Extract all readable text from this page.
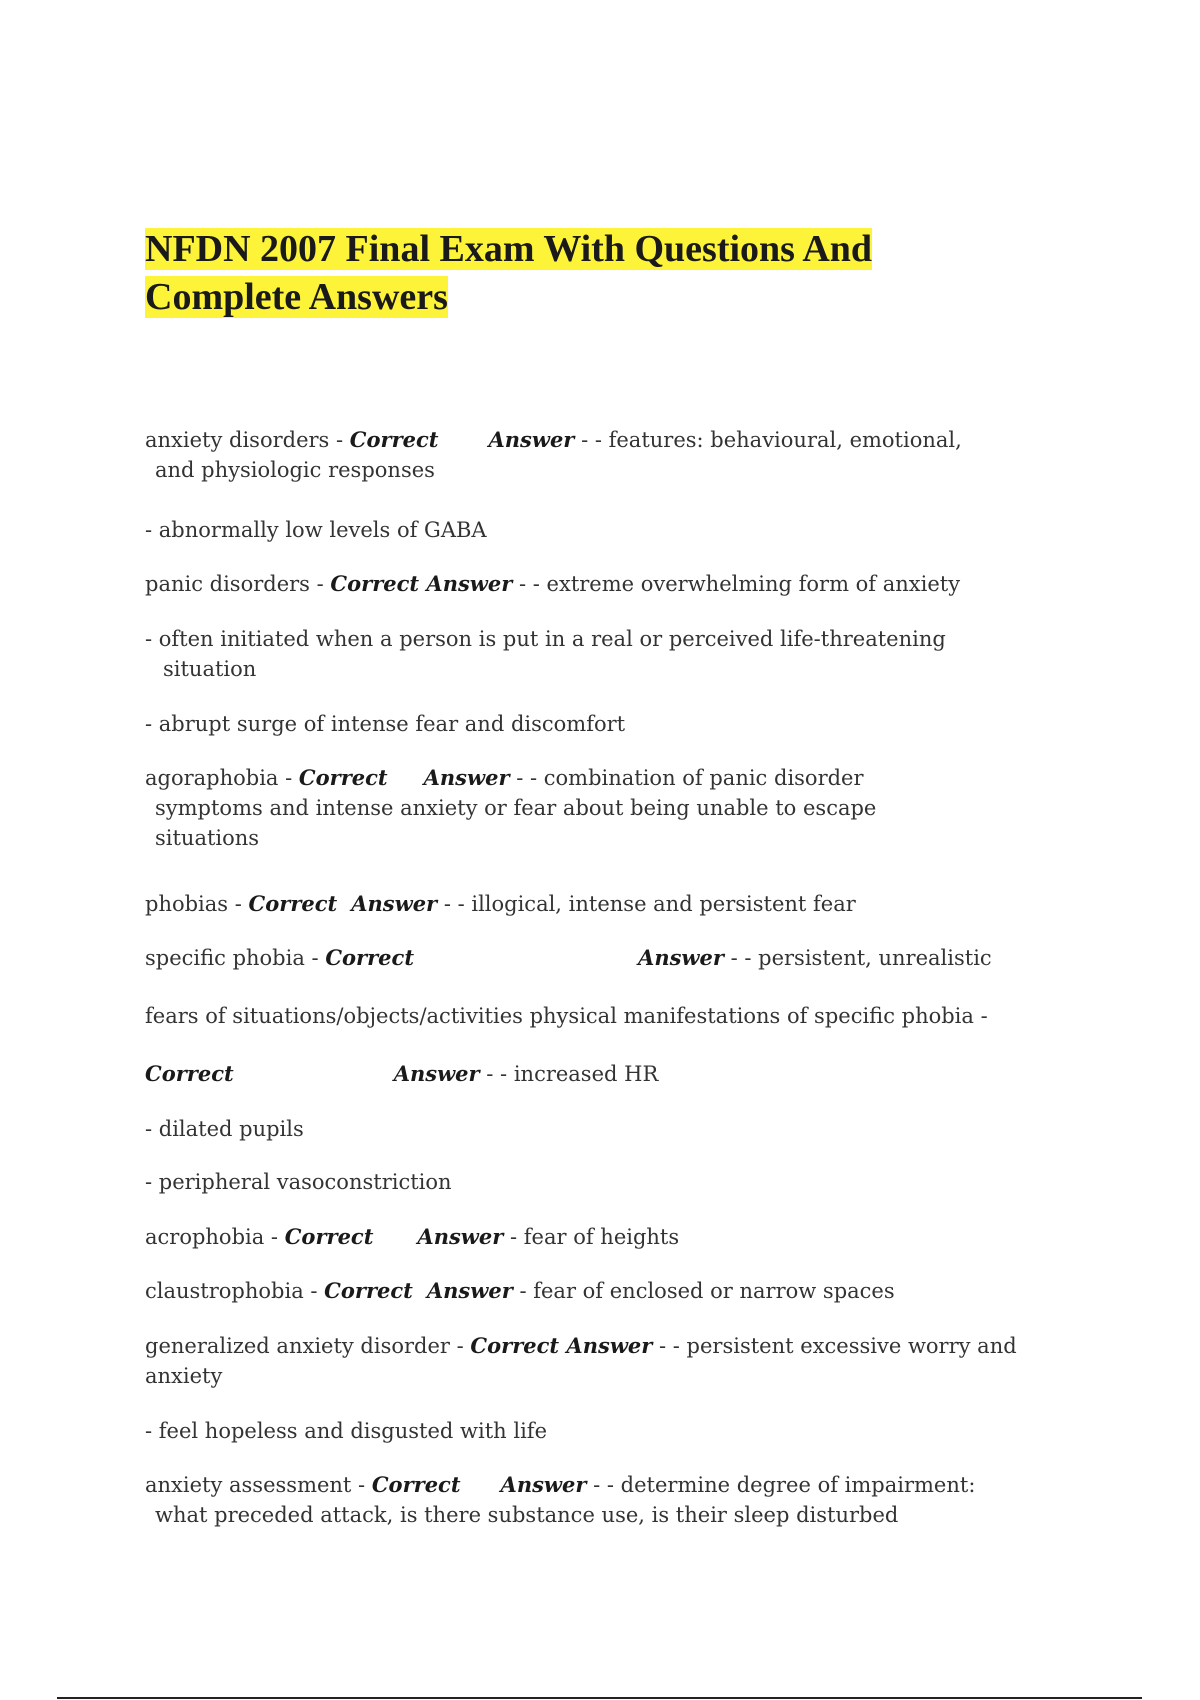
NFDN 2007 Final Exam With Questions And
Complete Answers

anxiety disorders - Correct Answer - - features: behavioural, emotional,
and physiologic responses

- abnormally low levels of GABA

panic disorders - Correct Answer - - extreme overwhelming form of anxiety

- often initiated when a person is put in a real or perceived life-threatening
situation

- abrupt surge of intense fear and discomfort

agoraphobia - Correct Answer - - combination of panic disorder
symptoms and intense anxiety or fear about being unable to escape
situations

phobias - Correct Answer - - illogical, intense and persistent fear

specific phobia - Correct	Answer - - persistent, unrealistic

fears of situations/objects/activities physical manifestations of specific phobia -

Correct	Answer - - increased HR

- dilated pupils

- peripheral vasoconstriction

acrophobia - Correct Answer - fear of heights

claustrophobia - Correct Answer - fear of enclosed or narrow spaces

generalized anxiety disorder - Correct Answer - - persistent excessive worry and
anxiety

- feel hopeless and disgusted with life

anxiety assessment - Correct Answer - - determine degree of impairment:
what preceded attack, is there substance use, is their sleep disturbed
